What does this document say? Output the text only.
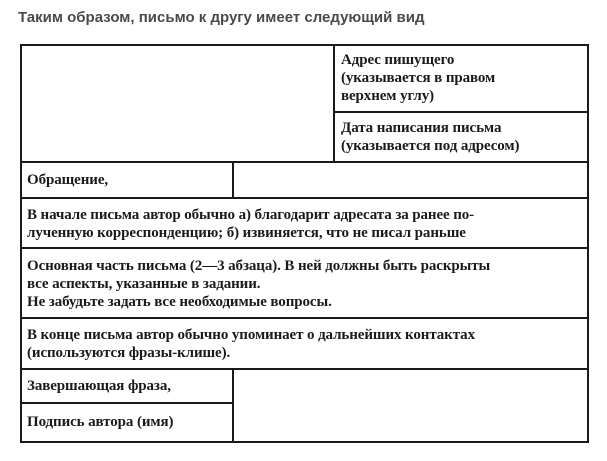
Таким образом, письмо к другу имеет следующий вид
Адрес пишущего
(указывается в правом
верхнем углу)
Дата написания письма
(указывается под адресом)
Обращение,
В начале письма автор обычно а) благодарит адресата за ранее по-
лученную корреспонденцию; б) извиняется, что не писал раньше
Основная часть письма (2—3 абзаца). В ней должны быть раскрыты
все аспекты, указанные в задании.
Не забудьте задать все необходимые вопросы.
В конце письма автор обычно упоминает о дальнейших контактах
(используются фразы-клише).
Завершающая фраза,
Подпись автора (имя)
